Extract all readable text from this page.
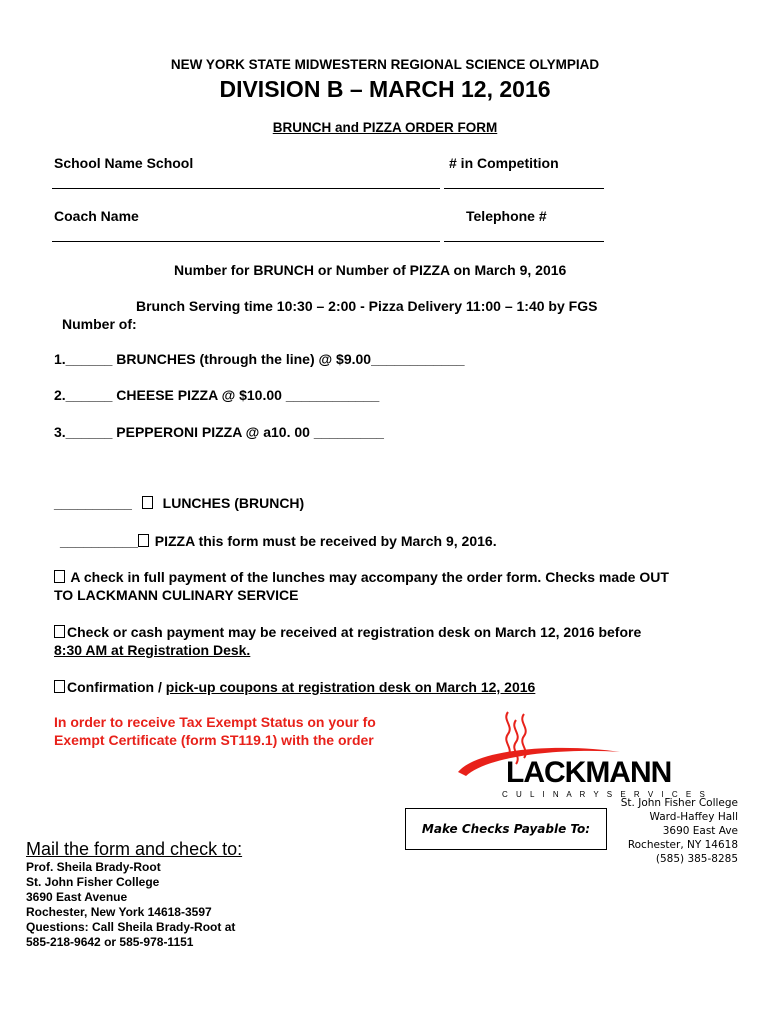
NEW YORK STATE MIDWESTERN REGIONAL SCIENCE OLYMPIAD
DIVISION B – MARCH 12, 2016
BRUNCH and PIZZA ORDER FORM
School Name School	# in Competition
Coach Name	Telephone #
Number for BRUNCH or Number of PIZZA on March 9, 2016
Brunch Serving time 10:30 – 2:00 - Pizza Delivery 11:00 – 1:40 by FGS
Number of:
1.______ BRUNCHES (through the line) @ $9.00____________
2.______ CHEESE PIZZA @ $10.00 ____________
3.______ PEPPERONI PIZZA @ a10. 00 _________
__________ LUNCHES (BRUNCH)
__________ PIZZA this form must be received by March 9, 2016.
A check in full payment of the lunches may accompany the order form. Checks made OUT
TO LACKMANN CULINARY SERVICE
Check or cash payment may be received at registration desk on March 12, 2016 before
8:30 AM at Registration Desk.
Confirmation / pick-up coupons at registration desk on March 12, 2016
In order to receive Tax Exempt Status on your fo
Exempt Certificate (form ST119.1) with the order
LACKMANN
C U L I N A R Y S E R V I C E S
Make Checks Payable To:
St. John Fisher College
Ward-Haffey Hall
3690 East Ave
Rochester, NY 14618
(585) 385-8285
Mail the form and check to:
Prof. Sheila Brady-Root
St. John Fisher College
3690 East Avenue
Rochester, New York 14618-3597
Questions: Call Sheila Brady-Root at
585-218-9642 or 585-978-1151
